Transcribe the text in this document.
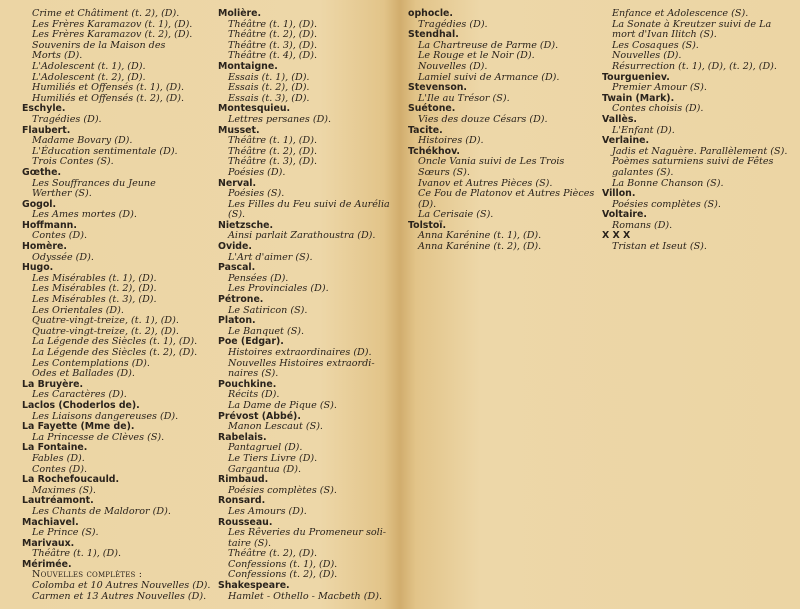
Crime et Châtiment (t. 2), (D).
Les Frères Karamazov (t. 1), (D).
Les Frères Karamazov (t. 2), (D).
Souvenirs de la Maison des
Morts (D).
L'Adolescent (t. 1), (D).
L'Adolescent (t. 2), (D).
Humiliés et Offensés (t. 1), (D).
Humiliés et Offensés (t. 2), (D).
Eschyle.
Tragédies (D).
Flaubert.
Madame Bovary (D).
L'Éducation sentimentale (D).
Trois Contes (S).
Gœthe.
Les Souffrances du Jeune
Werther (S).
Gogol.
Les Ames mortes (D).
Hoffmann.
Contes (D).
Homère.
Odyssée (D).
Hugo.
Les Misérables (t. 1), (D).
Les Misérables (t. 2), (D).
Les Misérables (t. 3), (D).
Les Orientales (D).
Quatre-vingt-treize, (t. 1), (D).
Quatre-vingt-treize, (t. 2), (D).
La Légende des Siècles (t. 1), (D).
La Légende des Siècles (t. 2), (D).
Les Contemplations (D).
Odes et Ballades (D).
La Bruyère.
Les Caractères (D).
Laclos (Choderlos de).
Les Liaisons dangereuses (D).
La Fayette (Mme de).
La Princesse de Clèves (S).
La Fontaine.
Fables (D).
Contes (D).
La Rochefoucauld.
Maximes (S).
Lautréamont.
Les Chants de Maldoror (D).
Machiavel.
Le Prince (S).
Marivaux.
Théâtre (t. 1), (D).
Mérimée.
Nouvelles complètes :
Colomba et 10 Autres Nouvelles (D).
Carmen et 13 Autres Nouvelles (D).
Molière.
Théâtre (t. 1), (D).
Théâtre (t. 2), (D).
Théâtre (t. 3), (D).
Théâtre (t. 4), (D).
Montaigne.
Essais (t. 1), (D).
Essais (t. 2), (D).
Essais (t. 3), (D).
Montesquieu.
Lettres persanes (D).
Musset.
Théâtre (t. 1), (D).
Théâtre (t. 2), (D).
Théâtre (t. 3), (D).
Poésies (D).
Nerval.
Poésies (S).
Les Filles du Feu suivi de Aurélia
(S).
Nietzsche.
Ainsi parlait Zarathoustra (D).
Ovide.
L'Art d'aimer (S).
Pascal.
Pensées (D).
Les Provinciales (D).
Pétrone.
Le Satiricon (S).
Platon.
Le Banquet (S).
Poe (Edgar).
Histoires extraordinaires (D).
Nouvelles Histoires extraordi-
naires (S).
Pouchkine.
Récits (D).
La Dame de Pique (S).
Prévost (Abbé).
Manon Lescaut (S).
Rabelais.
Pantagruel (D).
Le Tiers Livre (D).
Gargantua (D).
Rimbaud.
Poésies complètes (S).
Ronsard.
Les Amours (D).
Rousseau.
Les Rêveries du Promeneur soli-
taire (S).
Théâtre (t. 2), (D).
Confessions (t. 1), (D).
Confessions (t. 2), (D).
Shakespeare.
Hamlet - Othello - Macbeth (D).
ophocle.
Tragédies (D).
Stendhal.
La Chartreuse de Parme (D).
Le Rouge et le Noir (D).
Nouvelles (D).
Lamiel suivi de Armance (D).
Stevenson.
L'Ile au Trésor (S).
Suétone.
Vies des douze Césars (D).
Tacite.
Histoires (D).
Tchékhov.
Oncle Vania suivi de Les Trois
Sœurs (S).
Ivanov et Autres Pièces (S).
Ce Fou de Platonov et Autres Pièces
(D).
La Cerisaie (S).
Tolstoï.
Anna Karénine (t. 1), (D).
Anna Karénine (t. 2), (D).
Enfance et Adolescence (S).
La Sonate à Kreutzer suivi de La
mort d'Ivan Ilitch (S).
Les Cosaques (S).
Nouvelles (D).
Résurrection (t. 1), (D), (t. 2), (D).
Tourgueniev.
Premier Amour (S).
Twain (Mark).
Contes choisis (D).
Vallès.
L'Enfant (D).
Verlaine.
Jadis et Naguère. Parallèlement (S).
Poèmes saturniens suivi de Fêtes
galantes (S).
La Bonne Chanson (S).
Villon.
Poésies complètes (S).
Voltaire.
Romans (D).
X X X
Tristan et Iseut (S).
